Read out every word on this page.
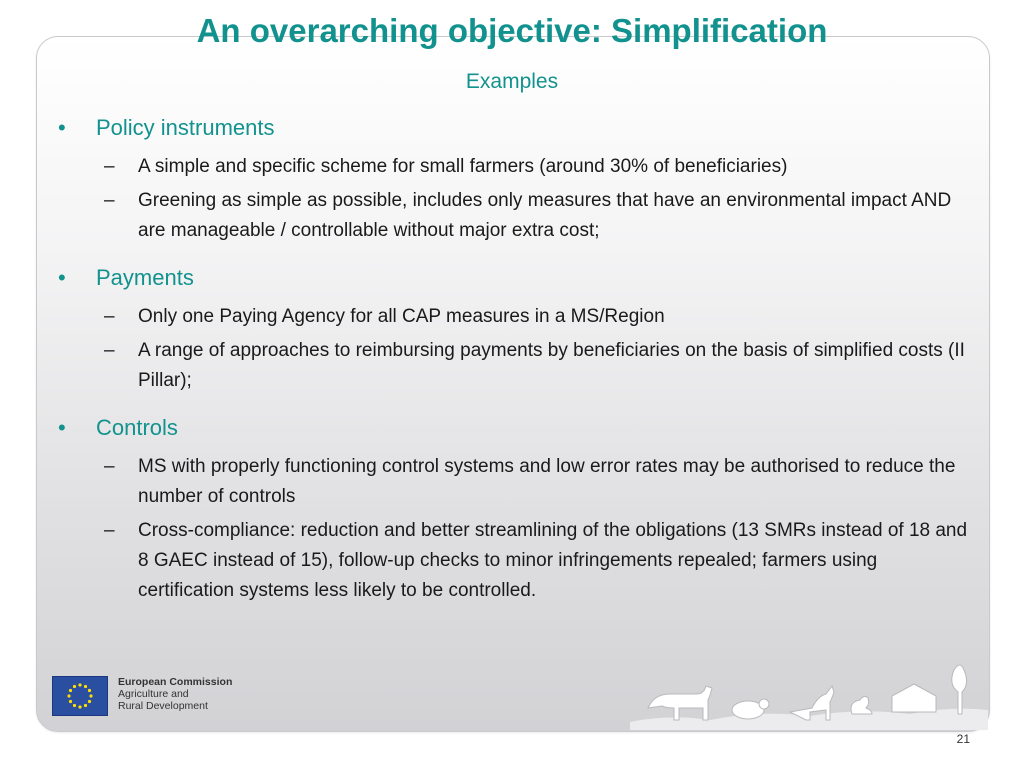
An overarching objective: Simplification
Examples
•	Policy instruments
–	A simple and specific scheme for small farmers (around 30% of beneficiaries)
–	Greening as simple as possible, includes only measures that have an environmental impact AND are manageable / controllable without major extra cost;
•	Payments
–	Only one Paying Agency for all CAP measures in a MS/Region
–	A range of approaches to reimbursing payments by beneficiaries on the basis of simplified costs (II Pillar);
•	Controls
–	MS with properly functioning control systems and low error rates may be authorised to reduce the number of controls
–	Cross-compliance: reduction and better streamlining of the obligations (13 SMRs instead of 18 and 8 GAEC instead of 15), follow-up checks to minor infringements repealed; farmers using certification systems less likely to be controlled.
European Commission
Agriculture and
Rural Development
21
